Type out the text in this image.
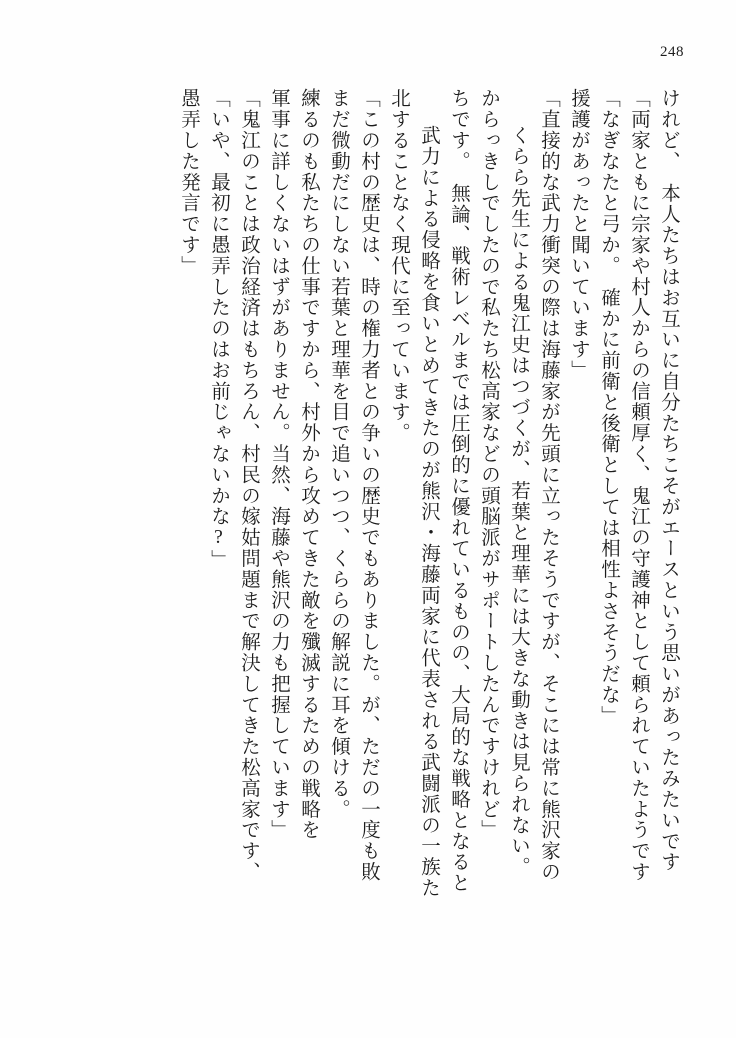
248
愚弄した発言です」 「いや、最初に愚弄したのはお前じゃないかな?」 「鬼江のことは政治経済はもちろん、村民の嫁姑問題まで解決してきた松高家です、 軍事に詳しくないはずがありません。当然、海藤や熊沢の力も把握しています」 練るのも私たちの仕事ですから、村外から攻めてきた敵を殲滅するための戦略を まだ微動だにしない若葉と理華を目で追いつつ、くららの解説に耳を傾ける。 「この村の歴史は、時の権力者との争いの歴史でもありました。が、ただの一度も敗 北することなく現代に至っています。 　武力による侵略を食いとめてきたのが熊沢・海藤両家に代表される武闘派の一族た ちです。　無論、戦術レベルまでは圧倒的に優れているものの、大局的な戦略となると からっきしでしたので私たち松高家などの頭脳派がサポートしたんですけれど」 　くらら先生による鬼江史はつづくが、若葉と理華には大きな動きは見られない。 「直接的な武力衝突の際は海藤家が先頭に立ったそうですが、そこには常に熊沢家の 援護があったと聞いています」 「なぎなたと弓か。　確かに前衛と後衛としては相性よさそうだな」 「両家ともに宗家や村人からの信頼厚く、鬼江の守護神として頼られていたようです けれど、　本人たちはお互いに自分たちこそがエースという思いがあったみたいです
